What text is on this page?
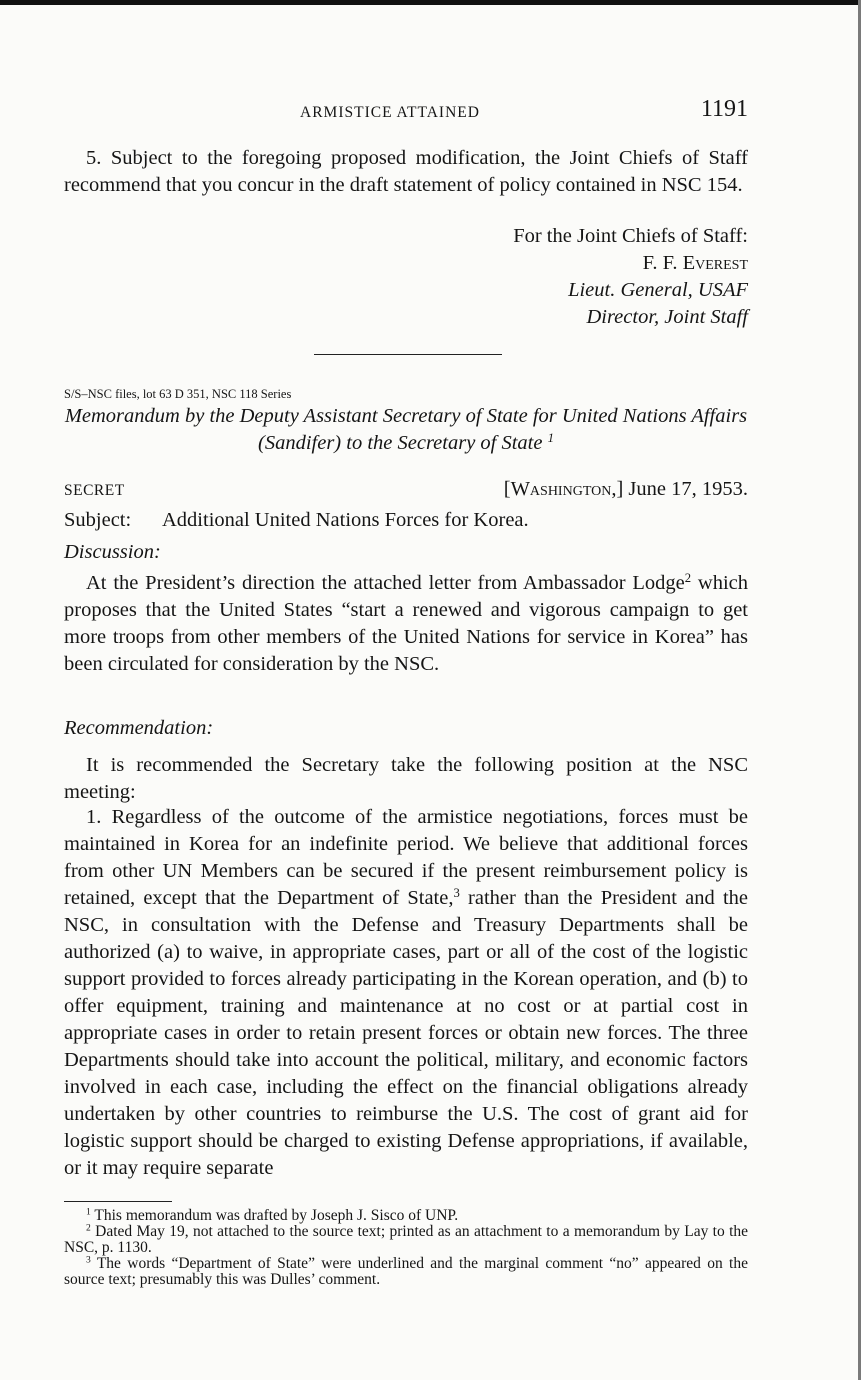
ARMISTICE ATTAINED	1191
5. Subject to the foregoing proposed modification, the Joint Chiefs of Staff recommend that you concur in the draft statement of policy contained in NSC 154.
For the Joint Chiefs of Staff:
F. F. Everest
Lieut. General, USAF
Director, Joint Staff
S/S–NSC files, lot 63 D 351, NSC 118 Series
Memorandum by the Deputy Assistant Secretary of State for United Nations Affairs (Sandifer) to the Secretary of State $^1$
SECRET	[Washington,] June 17, 1953.
Subject: Additional United Nations Forces for Korea.
Discussion:
At the President’s direction the attached letter from Ambassador Lodge$^2$ which proposes that the United States “start a renewed and vigorous campaign to get more troops from other members of the United Nations for service in Korea” has been circulated for consideration by the NSC.
Recommendation:
It is recommended the Secretary take the following position at the NSC meeting:
1. Regardless of the outcome of the armistice negotiations, forces must be maintained in Korea for an indefinite period. We believe that additional forces from other UN Members can be secured if the present reimbursement policy is retained, except that the Department of State,$^3$ rather than the President and the NSC, in consultation with the Defense and Treasury Departments shall be authorized (a) to waive, in appropriate cases, part or all of the cost of the logistic support provided to forces already participating in the Korean operation, and (b) to offer equipment, training and maintenance at no cost or at partial cost in appropriate cases in order to retain present forces or obtain new forces. The three Departments should take into account the political, military, and economic factors involved in each case, including the effect on the financial obligations already undertaken by other countries to reimburse the U.S. The cost of grant aid for logistic support should be charged to existing Defense appropriations, if available, or it may require separate

$^1$ This memorandum was drafted by Joseph J. Sisco of UNP.

$^2$ Dated May 19, not attached to the source text; printed as an attachment to a memorandum by Lay to the NSC, p. 1130.

$^3$ The words “Department of State” were underlined and the marginal comment “no” appeared on the source text; presumably this was Dulles’ comment.
